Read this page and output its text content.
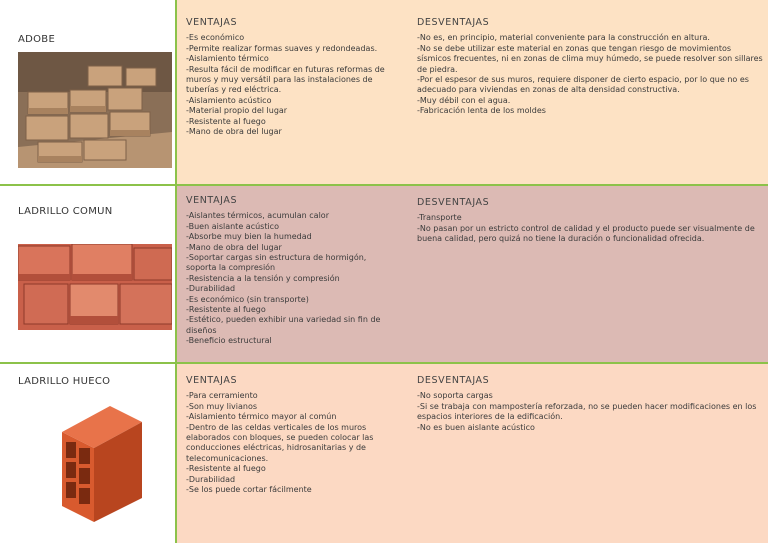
ADOBE
VENTAJAS
-Es económico
-Permite realizar formas suaves y redondeadas.
-Aislamiento térmico
-Resulta fácil de modificar en futuras reformas de muros y muy versátil para las instalaciones de tuberías y red eléctrica.
-Aislamiento acústico
-Material propio del lugar
-Resistente al fuego
-Mano de obra del lugar
DESVENTAJAS
-No es, en principio, material conveniente para la construcción en altura.
-No se debe utilizar este material en zonas que tengan riesgo de movimientos sísmicos frecuentes, ni en zonas de clima muy húmedo, se puede resolver son sillares de piedra.
-Por el espesor de sus muros, requiere disponer de cierto espacio, por lo que no es adecuado para viviendas en zonas de alta densidad constructiva.
-Muy débil con el agua.
-Fabricación lenta de los moldes
LADRILLO COMUN
VENTAJAS
-Aislantes térmicos, acumulan calor
-Buen aislante acústico
-Absorbe muy bien la humedad
-Mano de obra del lugar
-Soportar cargas sin estructura de hormigón, soporta la compresión
-Resistencia a la tensión y compresión
-Durabilidad
-Es económico (sin transporte)
-Resistente al fuego
-Estético, pueden exhibir una variedad sin fin de diseños
-Beneficio estructural
DESVENTAJAS
-Transporte
-No pasan por un estricto control de calidad y el producto puede ser visualmente de buena calidad, pero quizá no tiene la duración o funcionalidad ofrecida.
LADRILLO HUECO	VENTAJAS
-Para cerramiento
-Son muy livianos
-Aislamiento térmico mayor al común
-Dentro de las celdas verticales de los muros elaborados con bloques, se pueden colocar las conducciones eléctricas, hidrosanitarias y de telecomunicaciones.
-Resistente al fuego
-Durabilidad
-Se los puede cortar fácilmente
DESVENTAJAS
-No soporta cargas
-Si se trabaja con mampostería reforzada, no se pueden hacer modificaciones en los espacios interiores de la edificación.
-No es buen aislante acústico
